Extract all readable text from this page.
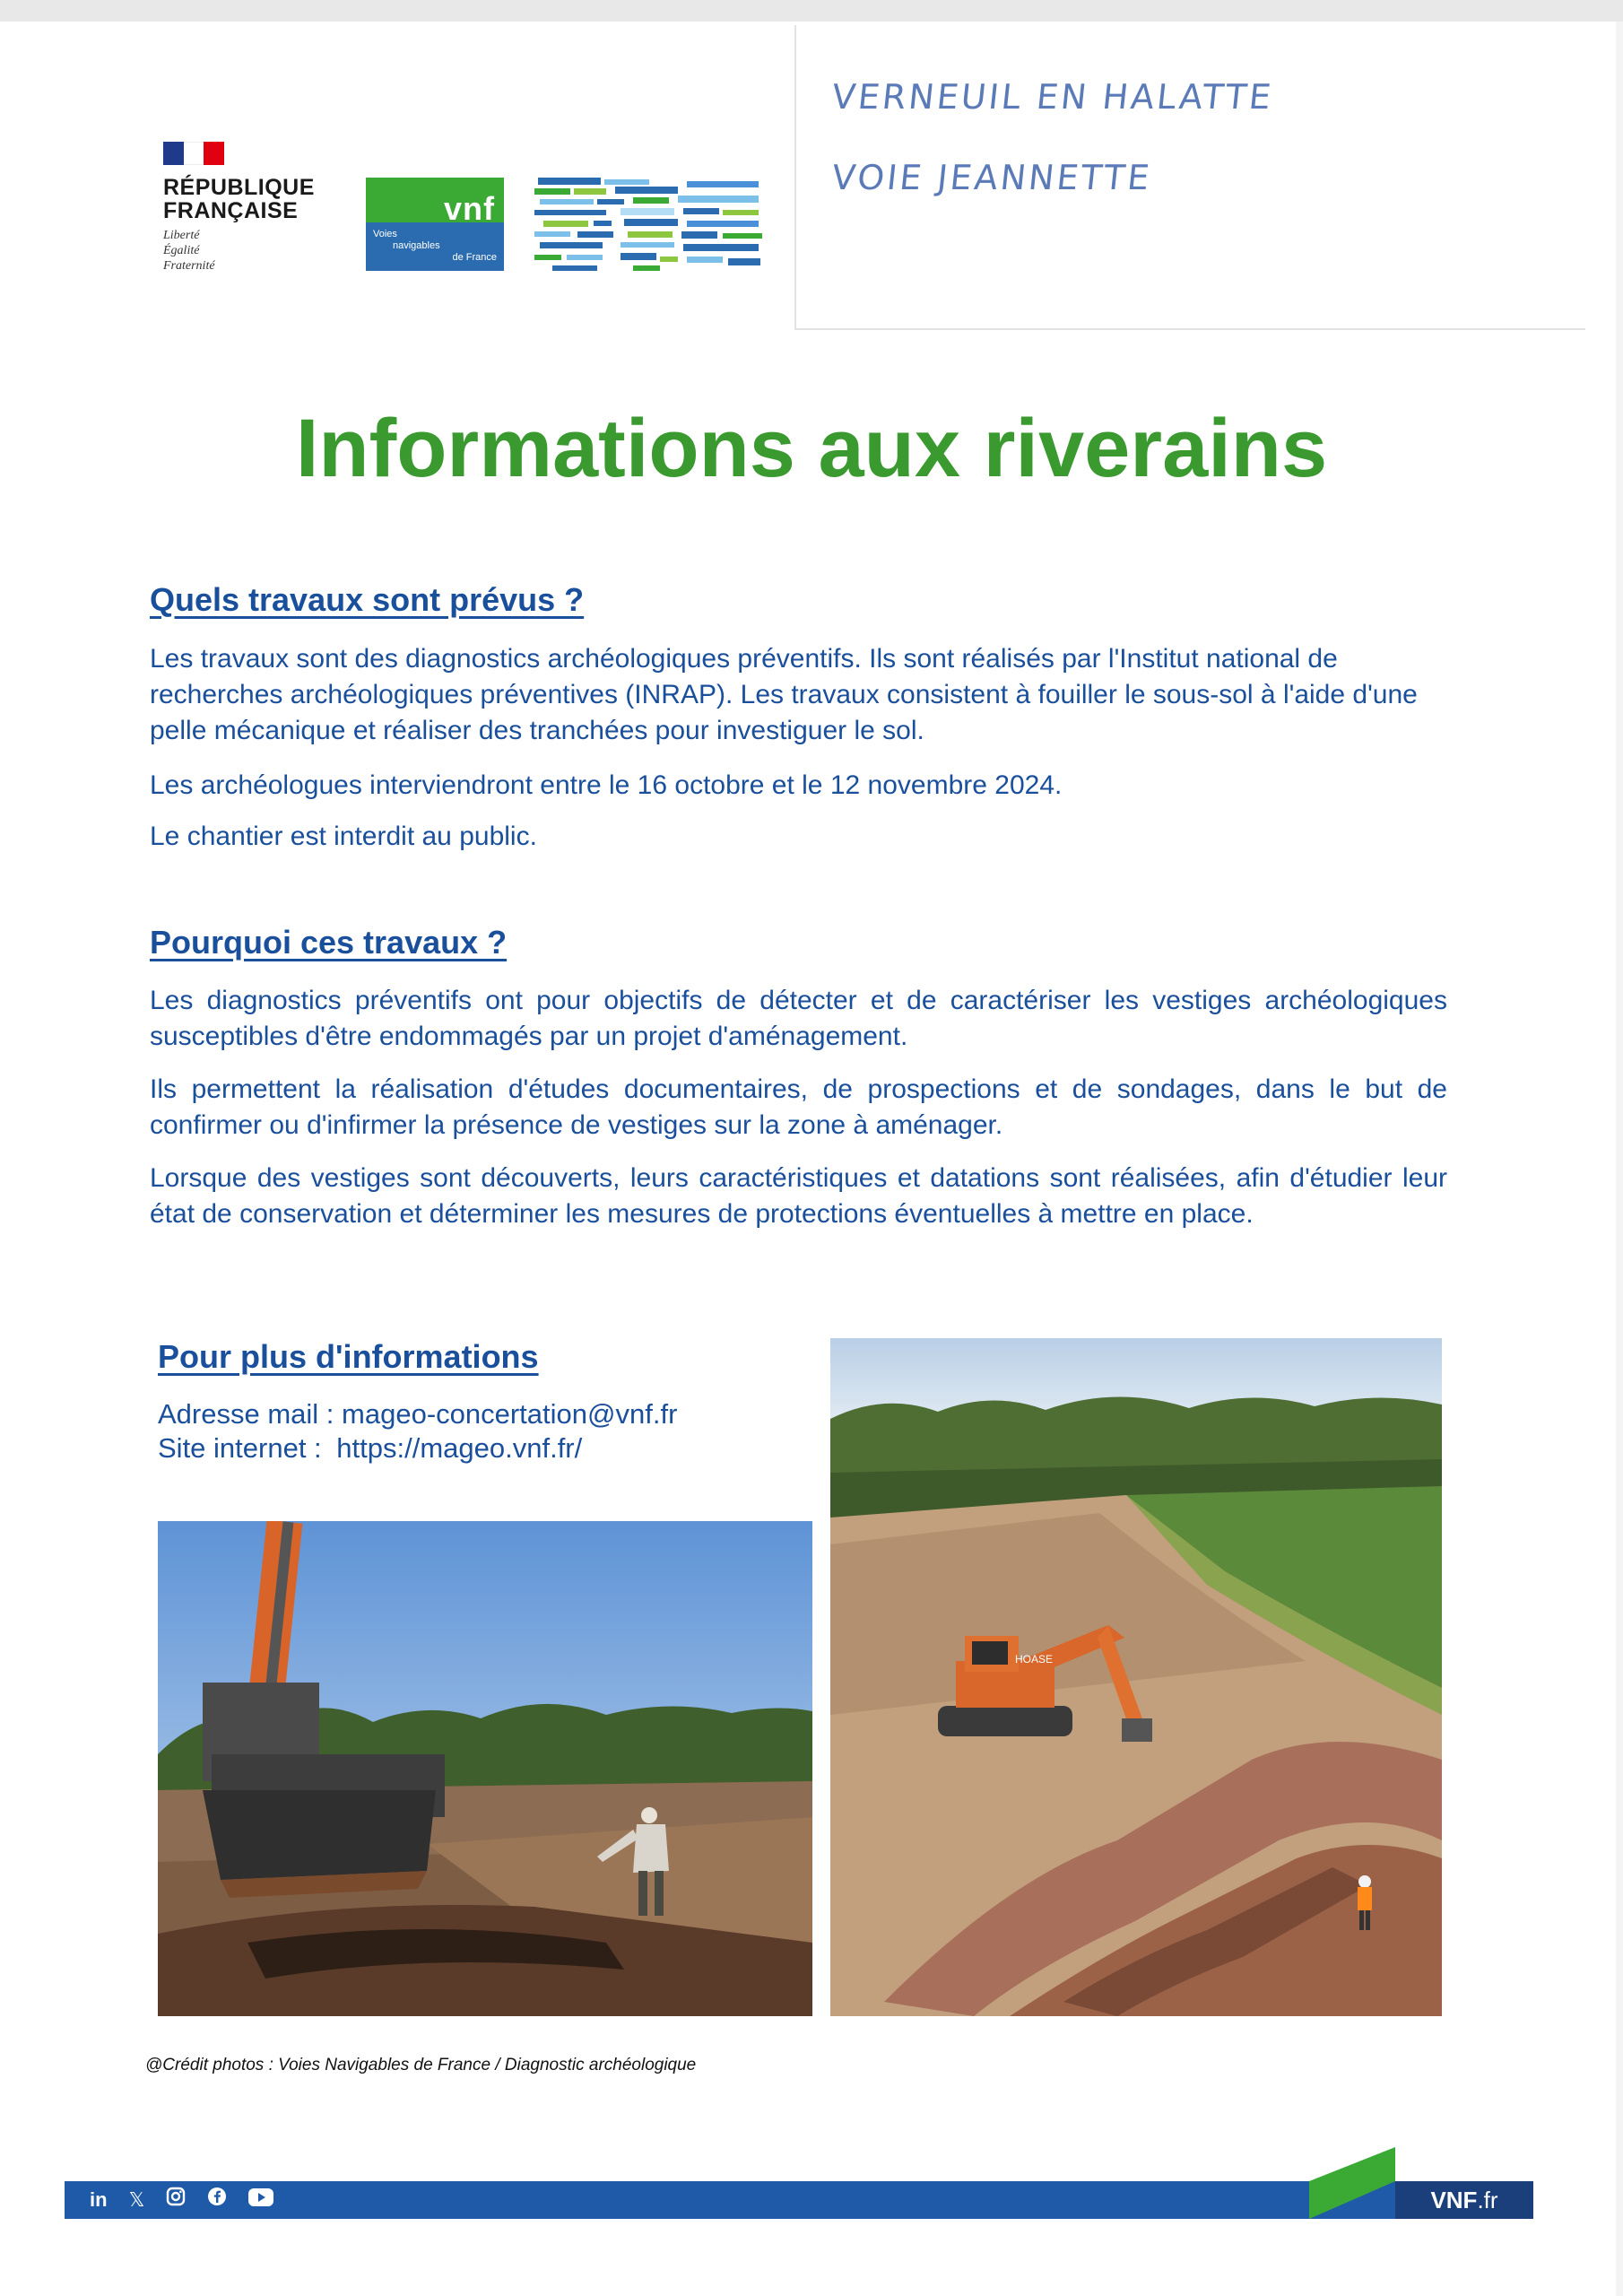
RÉPUBLIQUE
FRANÇAISE
Liberté
Égalité
Fraternité
vnf
Voies
navigables
de France
VERNEUIL EN HALATTE
VOIE JEANNETTE
Informations aux riverains
Quels travaux sont prévus ?

Les travaux sont des diagnostics archéologiques préventifs. Ils sont réalisés par l'Institut national de recherches archéologiques préventives (INRAP). Les travaux consistent à fouiller le sous-sol à l'aide d'une pelle mécanique et réaliser des tranchées pour investiguer le sol.

Les archéologues interviendront entre le 16 octobre et le 12 novembre 2024.

Le chantier est interdit au public.

Pourquoi ces travaux ?

Les diagnostics préventifs ont pour objectifs de détecter et de caractériser les vestiges archéologiques susceptibles d'être endommagés par un projet d'aménagement.

Ils permettent la réalisation d'études documentaires, de prospections et de sondages, dans le but de confirmer ou d'infirmer la présence de vestiges sur la zone à aménager.

Lorsque des vestiges sont découverts, leurs caractéristiques et datations sont réalisées, afin d'étudier leur état de conservation et déterminer les mesures de protections éventuelles à mettre en place.

Pour plus d'informations
Adresse mail : mageo-concertation@vnf.fr
Site internet : https://mageo.vnf.fr/
HOASE
@Crédit photos : Voies Navigables de France / Diagnostic archéologique
in 𝕏	VNF.fr
